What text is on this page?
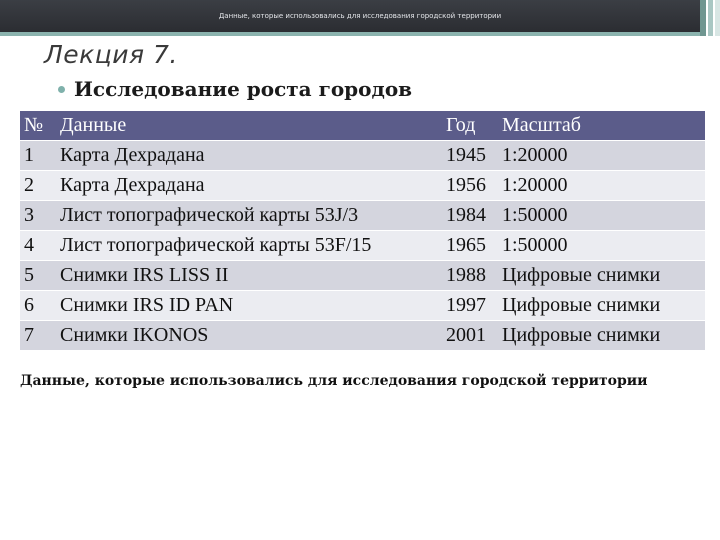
Данные, которые использовались для исследования городской территории
Лекция 7.
Исследование роста городов
№	Данные	Год	Масштаб
1	Карта Дехрадана	1945	1:20000
2	Карта Дехрадана	1956	1:20000
3	Лист топографической карты 53J/3	1984	1:50000
4	Лист топографической карты 53F/15	1965	1:50000
5	Снимки IRS LISS II	1988	Цифровые снимки
6	Снимки IRS ID PAN	1997	Цифровые снимки
7	Снимки IKONOS	2001	Цифровые снимки
Данные, которые использовались для исследования городской территории
